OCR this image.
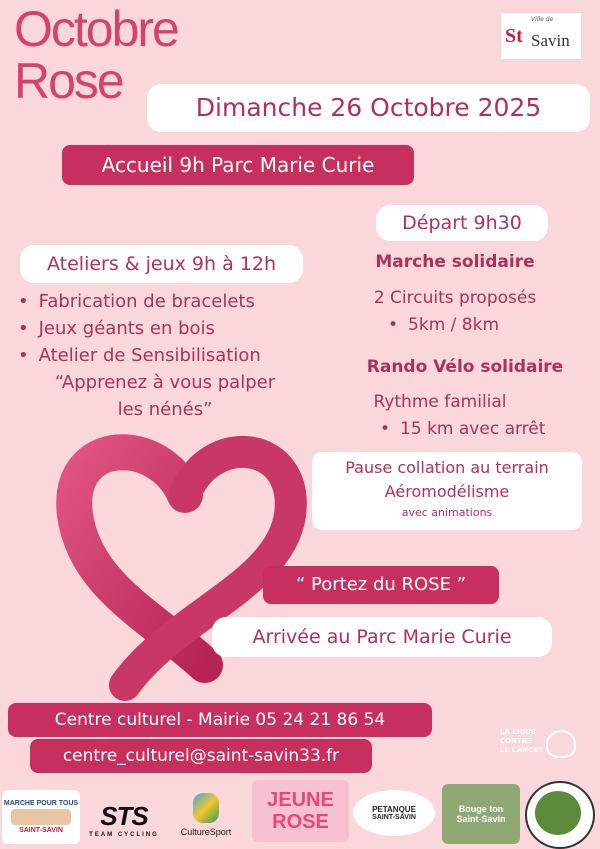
Octobre
Rose
St
Ville de
Savin
Dimanche 26 Octobre 2025
Accueil 9h Parc Marie Curie
Départ 9h30
Ateliers & jeux 9h à 12h
• Fabrication de bracelets
• Jeux géants en bois
• Atelier de Sensibilisation
“Apprenez à vous palper
les nénés”
Marche solidaire
2 Circuits proposés
• 5km / 8km
Rando Vélo solidaire
Rythme familial
• 15 km avec arrêt
Pause collation au terrain
Aéromodélisme
avec animations
“ Portez du ROSE ”
Arrivée au Parc Marie Curie
Centre culturel - Mairie 05 24 21 86 54
centre_culturel@saint-savin33.fr
LA LIGUE
CONTRE
LE CANCER
MARCHE POUR TOUS
SAINT-SAVIN STS
TEAM CYCLING CultureSport
JEUNE
ROSE
PETANQUE
SAINT-SAVIN
Bouge ton
Saint-Savin
